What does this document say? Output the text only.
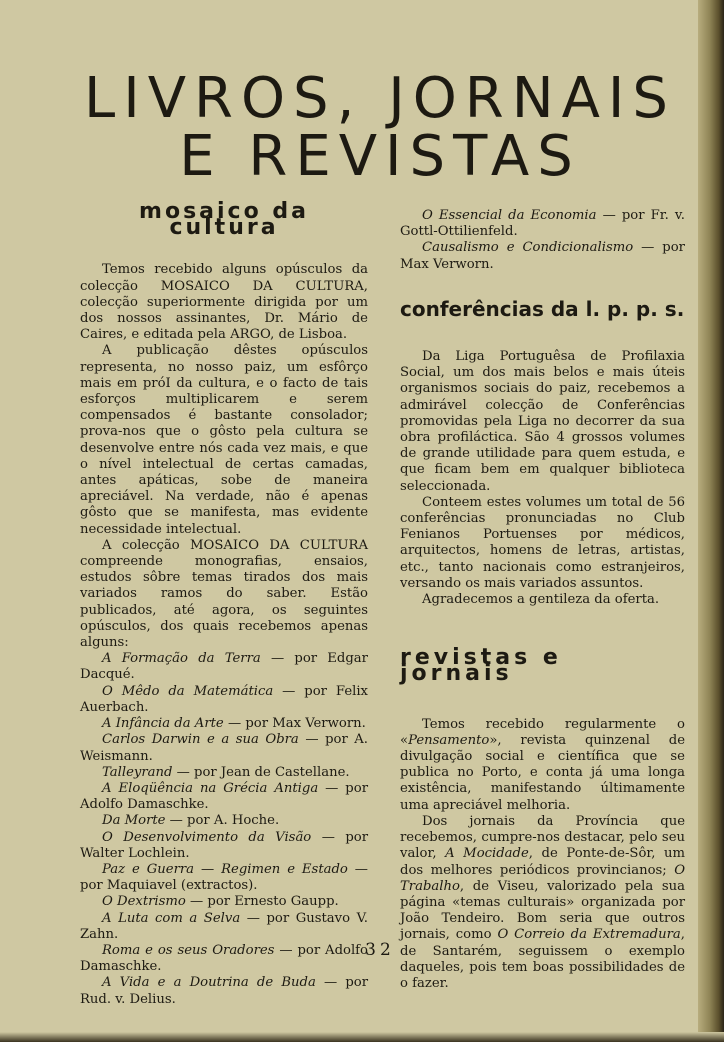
LIVROS, JORNAIS
E REVISTAS
mosaico da cultura

Temos recebido alguns opúsculos da colecção MOSAICO DA CULTURA, colecção superiormente dirigida por um dos nossos assinantes, Dr. Mário de Caires, e editada pela ARGO, de Lisboa.

A publicação dêstes opúsculos representa, no nosso paiz, um esfôrço mais em próI da cultura, e o facto de tais esforços multiplicarem e serem compensados é bastante consolador; prova-nos que o gôsto pela cultura se desenvolve entre nós cada vez mais, e que o nível intelectual de certas camadas, antes apáticas, sobe de maneira apreciável. Na verdade, não é apenas gôsto que se manifesta, mas evidente necessidade intelectual.

A colecção MOSAICO DA CULTURA compreende monografias, ensaios, estudos sôbre temas tirados dos mais variados ramos do saber. Estão publicados, até agora, os seguintes opúsculos, dos quais recebemos apenas alguns:

A Formação da Terra — por Edgar Dacqué.

O Mêdo da Matemática — por Felix Auerbach.

A Infância da Arte — por Max Verworn.

Carlos Darwin e a sua Obra — por A. Weismann.

Talleyrand — por Jean de Castellane.

A Eloqüência na Grécia Antiga — por Adolfo Damaschke.

Da Morte — por A. Hoche.

O Desenvolvimento da Visão — por Walter Lochlein.

Paz e Guerra — Regimen e Estado — por Maquiavel (extractos).

O Dextrismo — por Ernesto Gaupp.

A Luta com a Selva — por Gustavo V. Zahn.

Roma e os seus Oradores — por Adolfo Damaschke.

A Vida e a Doutrina de Buda — por Rud. v. Delius.

O Essencial da Economia — por Fr. v. Gottl-Ottilienfeld.

Causalismo e Condicionalismo — por Max Verworn.

conferências da l. p. p. s.

Da Liga Portuguêsa de Profilaxia Social, um dos mais belos e mais úteis organismos sociais do paiz, recebemos a admirável colecção de Conferências promovidas pela Liga no decorrer da sua obra profiláctica. São 4 grossos volumes de grande utilidade para quem estuda, e que ficam bem em qualquer biblioteca seleccionada.

Conteem estes volumes um total de 56 conferências pronunciadas no Club Fenianos Portuenses por médicos, arquitectos, homens de letras, artistas, etc., tanto nacionais como estranjeiros, versando os mais variados assuntos.

Agradecemos a gentileza da oferta.

revistas e jornais

Temos recebido regularmente o «Pensamento», revista quinzenal de divulgação social e científica que se publica no Porto, e conta já uma longa existência, manifestando últimamente uma apreciável melhoria.

Dos jornais da Província que recebemos, cumpre-nos destacar, pelo seu valor, A Mocidade, de Ponte-de-Sôr, um dos melhores periódicos provincianos; O Trabalho, de Viseu, valorizado pela sua página «temas culturais» organizada por João Tendeiro. Bom seria que outros jornais, como O Correio da Extremadura, de Santarém, seguissem o exemplo daqueles, pois tem boas possibilidades de o fazer.

32
